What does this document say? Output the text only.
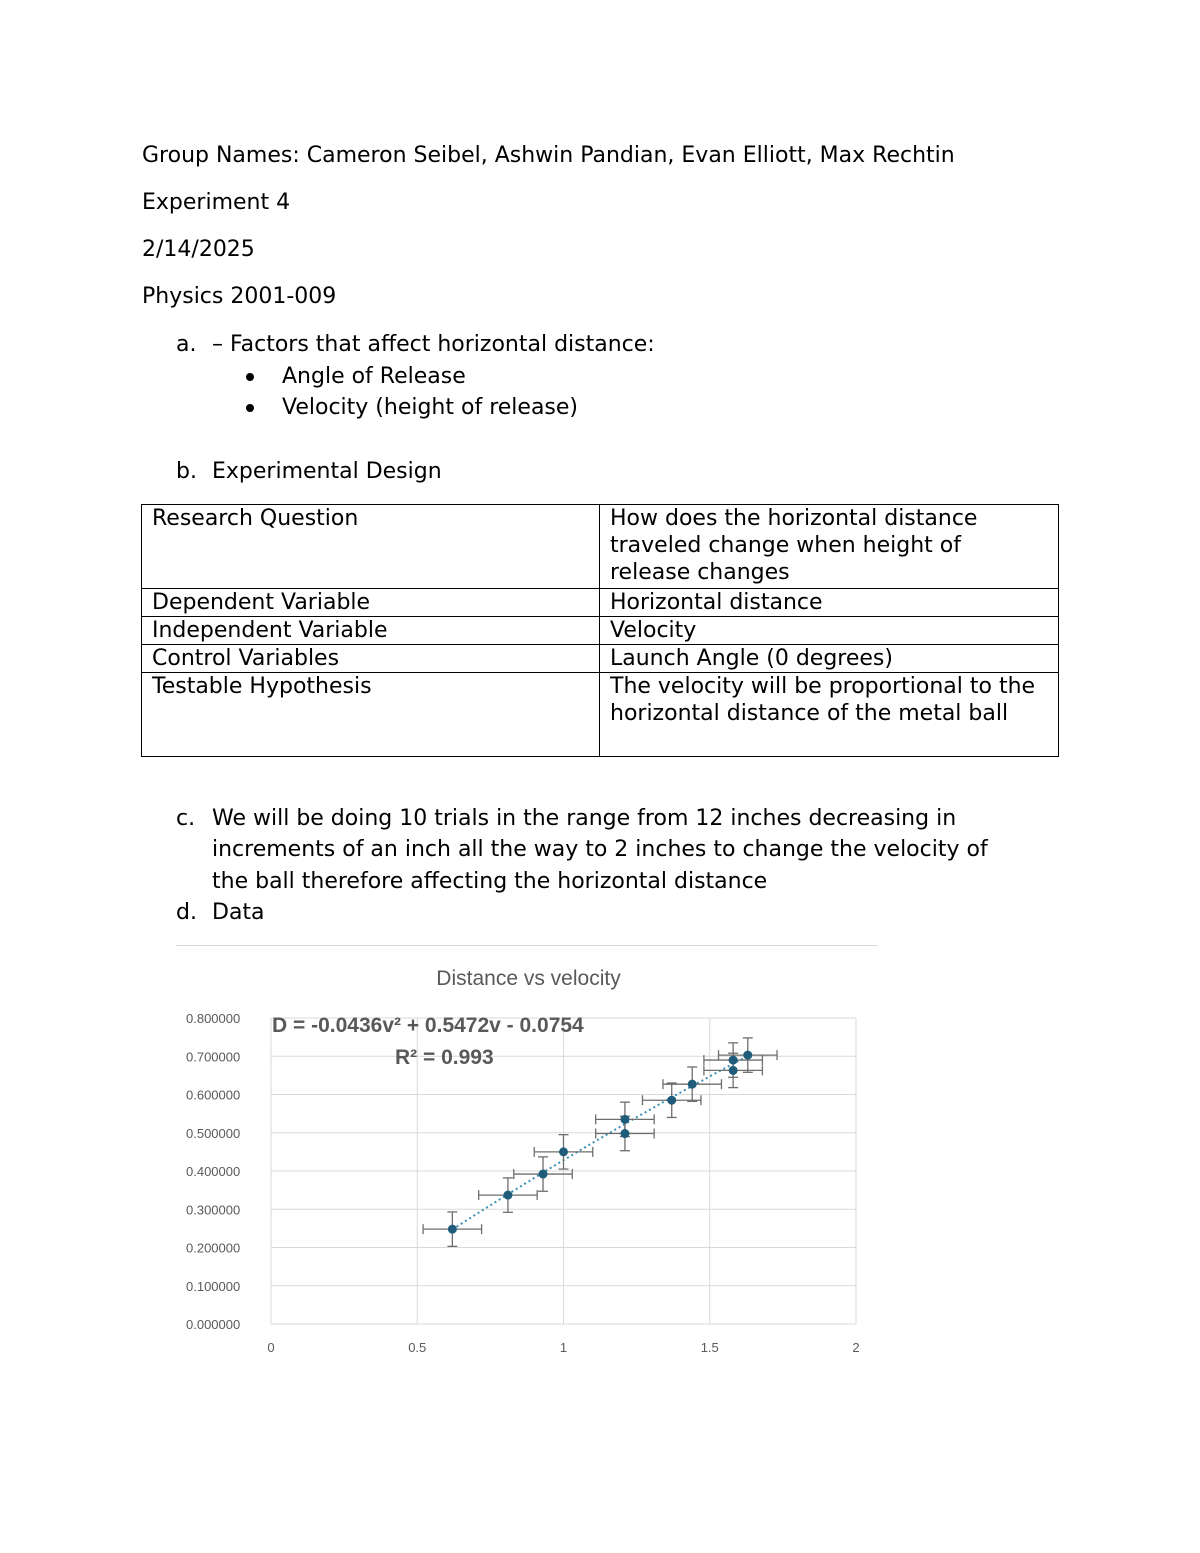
Group Names: Cameron Seibel, Ashwin Pandian, Evan Elliott, Max Rechtin
Experiment 4
2/14/2025
Physics 2001-009
a. – Factors that affect horizontal distance:
Angle of Release
Velocity (height of release)
b. Experimental Design
Research Question	How does the horizontal distance traveled change when height of release changes
Dependent Variable	Horizontal distance
Independent Variable	Velocity
Control Variables	Launch Angle (0 degrees)
Testable Hypothesis	The velocity will be proportional to the horizontal distance of the metal ball
c. We will be doing 10 trials in the range from 12 inches decreasing in
increments of an inch all the way to 2 inches to change the velocity of
the ball therefore affecting the horizontal distance
d. Data
Distance vs velocity
0.000000
0.100000
0.200000
0.300000
0.400000
0.500000
0.600000
0.700000
0.800000
0	0.5	1	1.5	2
D = -0.0436v² + 0.5472v - 0.0754
R² = 0.993
